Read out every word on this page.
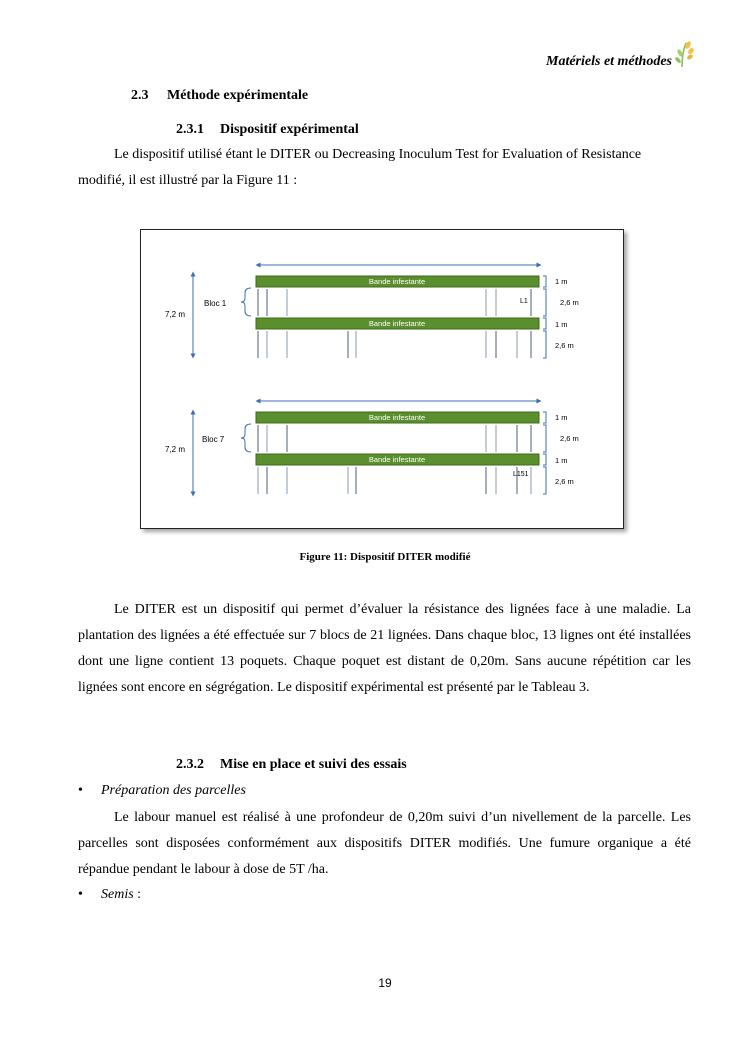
Matériels et méthodes
2.3 Méthode expérimentale
2.3.1 Dispositif expérimental
Le dispositif utilisé étant le DITER ou Decreasing Inoculum Test for Evaluation of Resistance
modifié, il est illustré par la Figure 11 :
7,2 m
Bloc 1
Bande infestante
Bande infestante
L1
1 m
2,6 m
1 m
2,6 m
7,2 m
Bloc 7
Bande infestante
Bande infestante
L151
1 m
2,6 m
1 m
2,6 m
Figure 11: Dispositif DITER modifié
Le DITER est un dispositif qui permet d’évaluer la résistance des lignées face à une maladie. La plantation des lignées a été effectuée sur 7 blocs de 21 lignées. Dans chaque bloc, 13 lignes ont été installées dont une ligne contient 13 poquets. Chaque poquet est distant de 0,20m. Sans aucune répétition car les lignées sont encore en ségrégation. Le dispositif expérimental est présenté par le Tableau 3.
2.3.2 Mise en place et suivi des essais
• Préparation des parcelles
Le labour manuel est réalisé à une profondeur de 0,20m suivi d’un nivellement de la parcelle. Les parcelles sont disposées conformément aux dispositifs DITER modifiés. Une fumure organique a été répandue pendant le labour à dose de 5T /ha.
• Semis :
19
